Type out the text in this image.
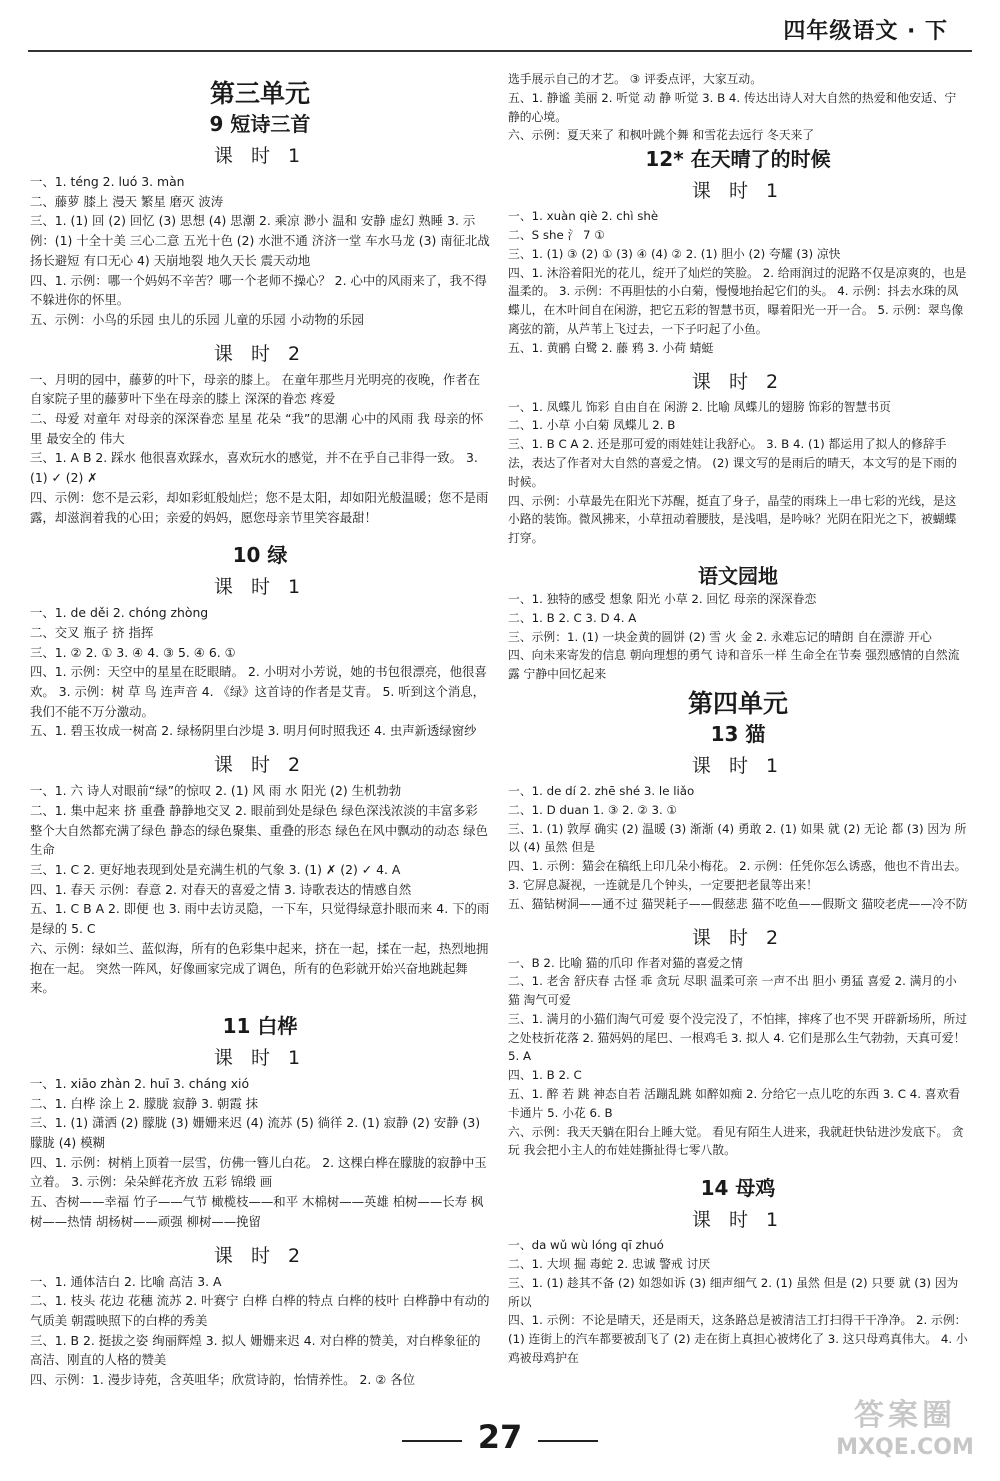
四年级语文 · 下
第三单元
9 短诗三首
课 时 1
一、1. téng 2. luó 3. màn
二、藤萝 膝上 漫天 繁星 磨灭 波涛
三、1. (1) 回 (2) 回忆 (3) 思想 (4) 思潮 2. 乘凉 渺小 温和 安静 虚幻 熟睡 3. 示例：(1) 十全十美 三心二意 五光十色 (2) 水泄不通 济济一堂 车水马龙 (3) 南征北战 扬长避短 有口无心 4) 天崩地裂 地久天长 震天动地
四、1. 示例：哪一个妈妈不辛苦？哪一个老师不操心？ 2. 心中的风雨来了，我不得不躲进你的怀里。
五、示例：小鸟的乐园 虫儿的乐园 儿童的乐园 小动物的乐园
课 时 2
一、月明的园中，藤萝的叶下，母亲的膝上。 在童年那些月光明亮的夜晚，作者在自家院子里的藤萝叶下坐在母亲的膝上 深深的眷恋 疼爱
二、母爱 对童年 对母亲的深深眷恋 星星 花朵 “我”的思潮 心中的风雨 我 母亲的怀里 最安全的 伟大
三、1. A B 2. 踩水 他很喜欢踩水，喜欢玩水的感觉，并不在乎自己非得一致。 3. (1) ✓ (2) ✗
四、示例：您不是云彩，却如彩虹般灿烂；您不是太阳，却如阳光般温暖；您不是雨露，却滋润着我的心田；亲爱的妈妈，愿您母亲节里笑容最甜！
10 绿
课 时 1
一、1. de děi 2. chóng zhòng
二、交叉 瓶子 挤 指挥
三、1. ② 2. ① 3. ④ 4. ③ 5. ④ 6. ①
四、1. 示例：天空中的星星在眨眼睛。 2. 小明对小芳说，她的书包很漂亮，他很喜欢。 3. 示例：树 草 鸟 连声音 4. 《绿》这首诗的作者是艾青。 5. 听到这个消息，我们不能不万分激动。
五、1. 碧玉妆成一树高 2. 绿杨阴里白沙堤 3. 明月何时照我还 4. 虫声新透绿窗纱
课 时 2
一、1. 六 诗人对眼前“绿”的惊叹 2. (1) 风 雨 水 阳光 (2) 生机勃勃
二、1. 集中起来 挤 重叠 静静地交叉 2. 眼前到处是绿色 绿色深浅浓淡的丰富多彩 整个大自然都充满了绿色 静态的绿色聚集、重叠的形态 绿色在风中飘动的动态 绿色 生命
三、1. C 2. 更好地表现到处是充满生机的气象 3. (1) ✗ (2) ✓ 4. A
四、1. 春天 示例：春意 2. 对春天的喜爱之情 3. 诗歌表达的情感自然
五、1. C B A 2. 即便 也 3. 雨中去访灵隐，一下车，只觉得绿意扑眼而来 4. 下的雨是绿的 5. C
六、示例：绿如兰、蓝似海，所有的色彩集中起来，挤在一起，揉在一起，热烈地拥抱在一起。 突然一阵风，好像画家完成了调色，所有的色彩就开始兴奋地跳起舞来。
11 白桦
课 时 1
一、1. xiāo zhàn 2. huī 3. cháng xió
二、1. 白桦 涂上 2. 朦胧 寂静 3. 朝霞 抹
三、1. (1) 潇洒 (2) 朦胧 (3) 姗姗来迟 (4) 流苏 (5) 徜徉 2. (1) 寂静 (2) 安静 (3) 朦胧 (4) 模糊
四、1. 示例：树梢上顶着一层雪，仿佛一簪儿白花。 2. 这棵白桦在朦胧的寂静中玉立着。 3. 示例：朵朵鲜花齐放 五彩 锦缎 画
五、杏树——幸福 竹子——气节 橄榄枝——和平 木棉树——英雄 柏树——长寿 枫树——热情 胡杨树——顽强 柳树——挽留
课 时 2
一、1. 通体洁白 2. 比喻 高洁 3. A
二、1. 枝头 花边 花穗 流苏 2. 叶赛宁 白桦 白桦的特点 白桦的枝叶 白桦静中有动的气质美 朝霞映照下的白桦的秀美
三、1. B 2. 挺拔之姿 绚丽辉煌 3. 拟人 姗姗来迟 4. 对白桦的赞美，对白桦象征的高洁、刚直的人格的赞美
四、示例：1. 漫步诗苑，含英咀华；欣赏诗韵，怡情养性。 2. ② 各位
选手展示自己的才艺。 ③ 评委点评，大家互动。
五、1. 静谧 美丽 2. 听觉 动 静 听觉 3. B 4. 传达出诗人对大自然的热爱和他安适、宁静的心境。
六、示例：夏天来了 和枫叶跳个舞 和雪花去远行 冬天来了
12* 在天晴了的时候
课 时 1
一、1. xuàn qiè 2. chì shè
二、S she 氵 7 ①
三、1. (1) ③ (2) ① (3) ④ (4) ② 2. (1) 胆小 (2) 夸耀 (3) 凉快
四、1. 沐浴着阳光的花儿，绽开了灿烂的笑脸。 2. 给雨润过的泥路不仅是凉爽的，也是温柔的。 3. 示例：不再胆怯的小白菊，慢慢地抬起它们的头。 4. 示例：抖去水珠的凤蝶儿，在木叶间自在闲游，把它五彩的智慧书页，曝着阳光一开一合。 5. 示例：翠鸟像离弦的箭，从芦苇上飞过去，一下子叼起了小鱼。
五、1. 黄鹂 白鹭 2. 藤 鸦 3. 小荷 蜻蜓
课 时 2
一、1. 凤蝶儿 饰彩 自由自在 闲游 2. 比喻 凤蝶儿的翅膀 饰彩的智慧书页
二、1. 小草 小白菊 凤蝶儿 2. B
三、1. B C A 2. 还是那可爱的雨娃娃让我舒心。 3. B 4. (1) 都运用了拟人的修辞手法，表达了作者对大自然的喜爱之情。 (2) 课文写的是雨后的晴天，本文写的是下雨的时候。
四、示例：小草最先在阳光下苏醒，挺直了身子，晶莹的雨珠上一串七彩的光线，是这小路的装饰。微风拂来，小草扭动着腰肢，是浅唱，是吟咏？光阴在阳光之下，被蝴蝶打穿。
语文园地
一、1. 独特的感受 想象 阳光 小草 2. 回忆 母亲的深深眷恋
二、1. B 2. C 3. D 4. A
三、示例：1. (1) 一块金黄的圆饼 (2) 雪 火 金 2. 永难忘记的晴朗 自在漂游 开心
四、向未来寄发的信息 朝向理想的勇气 诗和音乐一样 生命全在节奏 强烈感情的自然流露 宁静中回忆起来
第四单元
13 猫
课 时 1
一、1. de dí 2. zhē shé 3. le liǎo
二、1. D duan 1. ③ 2. ② 3. ①
三、1. (1) 敦厚 确实 (2) 温暖 (3) 渐渐 (4) 勇敢 2. (1) 如果 就 (2) 无论 都 (3) 因为 所以 (4) 虽然 但是
四、1. 示例：猫会在稿纸上印几朵小梅花。 2. 示例：任凭你怎么诱惑，他也不肯出去。 3. 它屏息凝视，一连就是几个钟头，一定要把老鼠等出来！
五、猫钻树洞——通不过 猫哭耗子——假慈悲 猫不吃鱼——假斯文 猫咬老虎——冷不防
课 时 2
一、B 2. 比喻 猫的爪印 作者对猫的喜爱之情
二、1. 老舍 舒庆春 古怪 乖 贪玩 尽职 温柔可亲 一声不出 胆小 勇猛 喜爱 2. 满月的小猫 淘气可爱
三、1. 满月的小猫们淘气可爱 耍个没完没了，不怕摔，摔疼了也不哭 开辟新场所，所过之处枝折花落 2. 猫妈妈的尾巴、一根鸡毛 3. 拟人 4. 它们是那么生气勃勃，天真可爱！ 5. A
四、1. B 2. C
五、1. 醉 若 跳 神态自若 活蹦乱跳 如醉如痴 2. 分给它一点儿吃的东西 3. C 4. 喜欢看卡通片 5. 小花 6. B
六、示例：我天天躺在阳台上睡大觉。 看见有陌生人进来，我就赶快钻进沙发底下。 贪玩 我会把小主人的布娃娃撕扯得七零八散。
14 母鸡
课 时 1
一、da wǔ wù lóng qī zhuó
二、1. 大坝 掘 毒蛇 2. 忠诚 警戒 讨厌
三、1. (1) 趁其不备 (2) 如怨如诉 (3) 细声细气 2. (1) 虽然 但是 (2) 只要 就 (3) 因为 所以
四、1. 示例：不论是晴天，还是雨天，这条路总是被清洁工打扫得干干净净。 2. 示例：(1) 连街上的汽车都要被刮飞了 (2) 走在街上真担心被烤化了 3. 这只母鸡真伟大。 4. 小鸡被母鸡护在
27
答案圈
MXQE.COM
